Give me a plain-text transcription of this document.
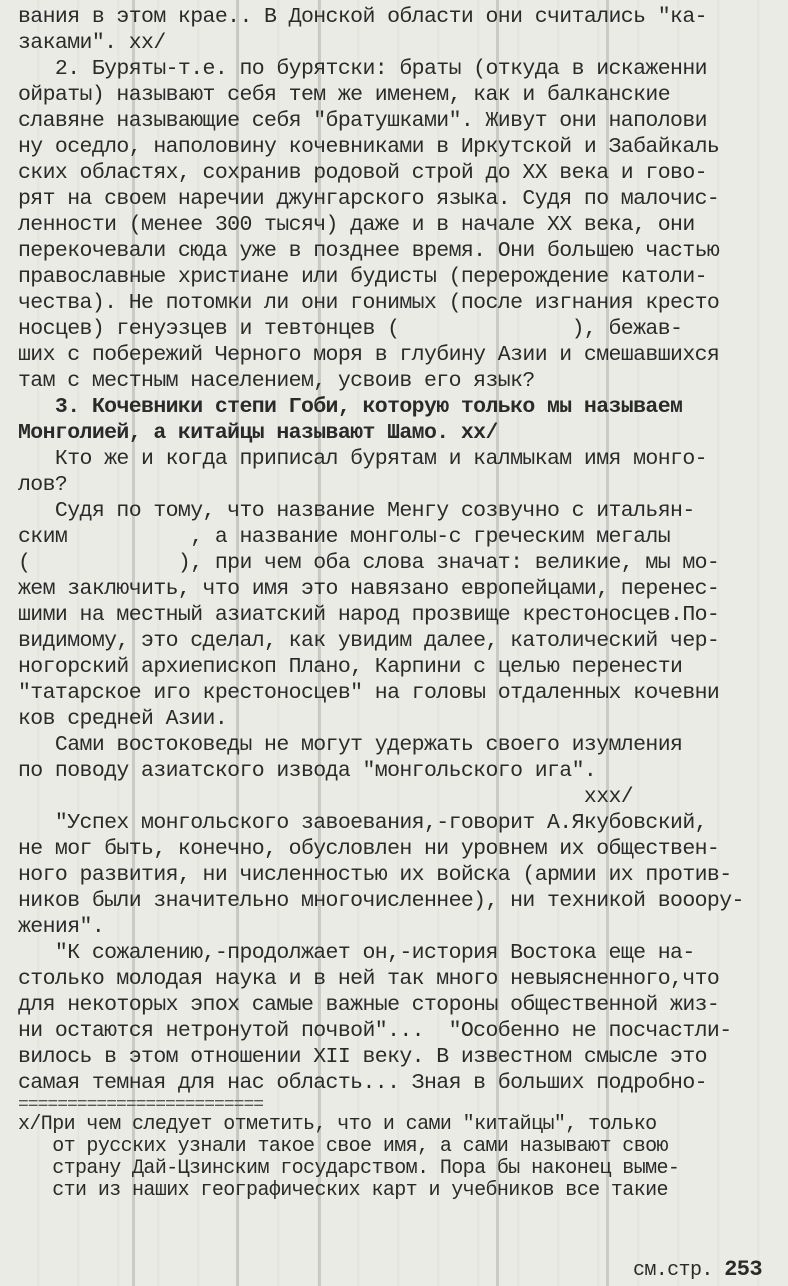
вания в этом крае.. В Донской области они считались "ка-
заками". xx/
2. Буряты-т.е. по бурятски: браты (откуда в искаженни
ойраты) называют себя тем же именем, как и балканские
славяне называющие себя "братушками". Живут они наполови
ну оседло, наполовину кочевниками в Иркутской и Забайкаль
ских областях, сохранив родовой строй до XX века и гово-
рят на своем наречии джунгарского языка. Судя по малочис-
ленности (менее 300 тысяч) даже и в начале XX века, они
перекочевали сюда уже в позднее время. Они большею частью
православные христиане или будисты (перерождение католи-
чества). Не потомки ли они гонимых (после изгнания кресто
носцев) генуэзцев и тевтонцев (              ), бежав-
ших с побережий Черного моря в глубину Азии и смешавшихся
там с местным населением, усвоив его язык?
3. Кочевники степи Гоби, которую только мы называем
Монголией, а китайцы называют Шамо. xx/
Кто же и когда приписал бурятам и калмыкам имя монго-
лов?
Судя по тому, что название Менгу созвучно с итальян-
ским          , а название монголы-с греческим мегалы
(            ), при чем оба слова значат: великие, мы мо-
жем заключить, что имя это навязано европейцами, перенес-
шими на местный азиатский народ прозвище крестоносцев.По-
видимому, это сделал, как увидим далее, католический чер-
ногорский архиепископ Плано, Карпини с целью перенести
"татарское иго крестоносцев" на головы отдаленных кочевни
ков средней Азии.
Сами востоковеды не могут удержать своего изумления
по поводу азиатского извода "монгольского ига".
xxx/
"Успех монгольского завоевания,-говорит А.Якубовский,
не мог быть, конечно, обусловлен ни уровнем их обществен-
ного развития, ни численностью их войска (армии их против-
ников были значительно многочисленнее), ни техникой вооору-
жения".
"К сожалению,-продолжает он,-история Востока еще на-
столько молодая наука и в ней так много невыясненного,что
для некоторых эпох самые важные стороны общественной жиз-
ни остаются нетронутой почвой"...  "Особенно не посчастли-
вилось в этом отношении XII веку. В известном смысле это
самая темная для нас область... Зная в больших подробно-
=========================
x/При чем следует отметить, что и сами "китайцы", только
от русских узнали такое свое имя, а сами называют свою
страну Дай-Цзинским государством. Пора бы наконец выме-
сти из наших географических карт и учебников все такие
см.стр. 253
